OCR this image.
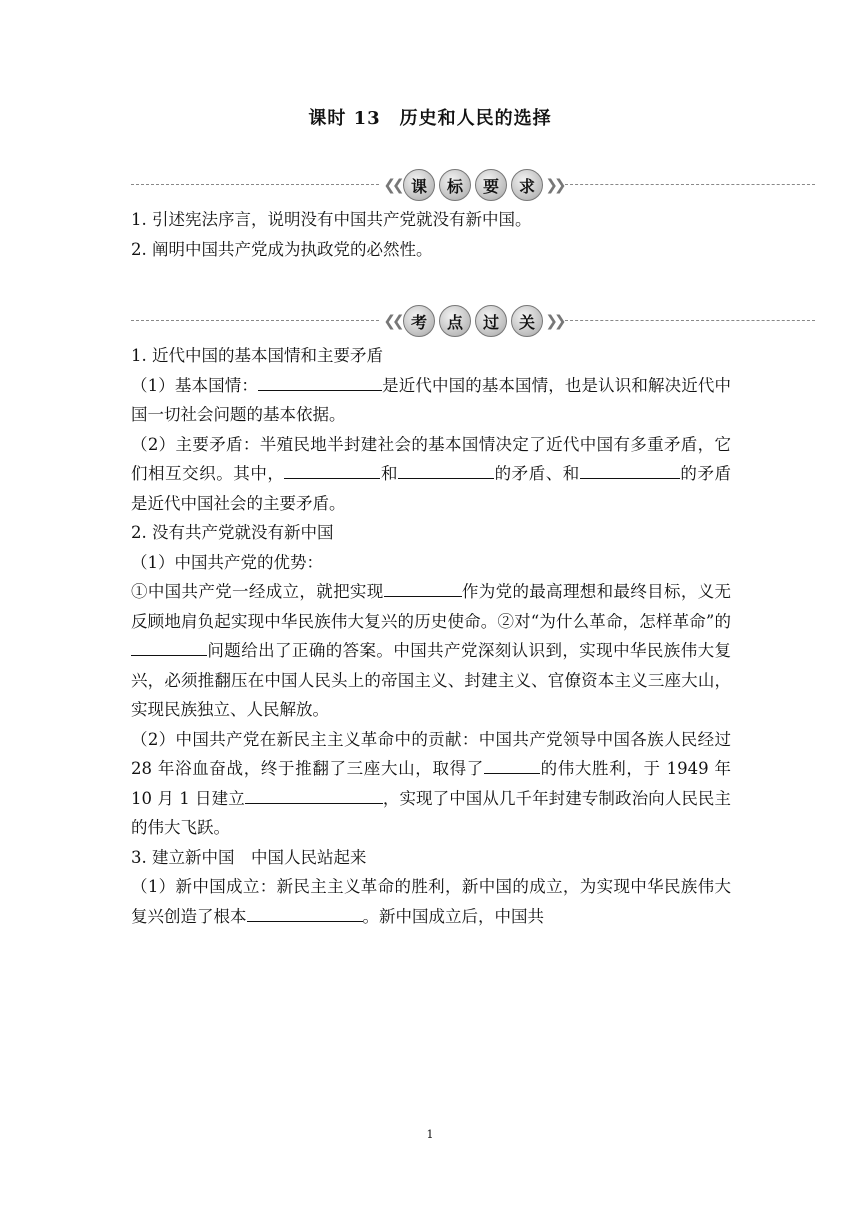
课时 13　历史和人民的选择
❮❮ 课	标	要	求 ❯❯

1. 引述宪法序言，说明没有中国共产党就没有新中国。

2. 阐明中国共产党成为执政党的必然性。

❮❮ 考	点	过	关 ❯❯

1. 近代中国的基本国情和主要矛盾

（1）基本国情：	是近代中国的基本国情，也是认识和解决近代中国一切社会问题的基本依据。

（2）主要矛盾：半殖民地半封建社会的基本国情决定了近代中国有多重矛盾，它们相互交织。其中，	和	的矛盾、和	的矛盾是近代中国社会的主要矛盾。

2. 没有共产党就没有新中国

（1）中国共产党的优势：

①中国共产党一经成立，就把实现	作为党的最高理想和最终目标，义无反顾地肩负起实现中华民族伟大复兴的历史使命。②对“为什么革命，怎样革命”的问题给出了正确的答案。中国共产党深刻认识到，实现中华民族伟大复兴，必须推翻压在中国人民头上的帝国主义、封建主义、官僚资本主义三座大山，实现民族独立、人民解放。

（2）中国共产党在新民主主义革命中的贡献：中国共产党领导中国各族人民经过 28 年浴血奋战，终于推翻了三座大山，取得了	的伟大胜利，于 1949 年 10 月 1 日建立	，实现了中国从几千年封建专制政治向人民民主的伟大飞跃。

3. 建立新中国　中国人民站起来

（1）新中国成立：新民主主义革命的胜利，新中国的成立，为实现中华民族伟大复兴创造了根本	。新中国成立后，中国共

1
